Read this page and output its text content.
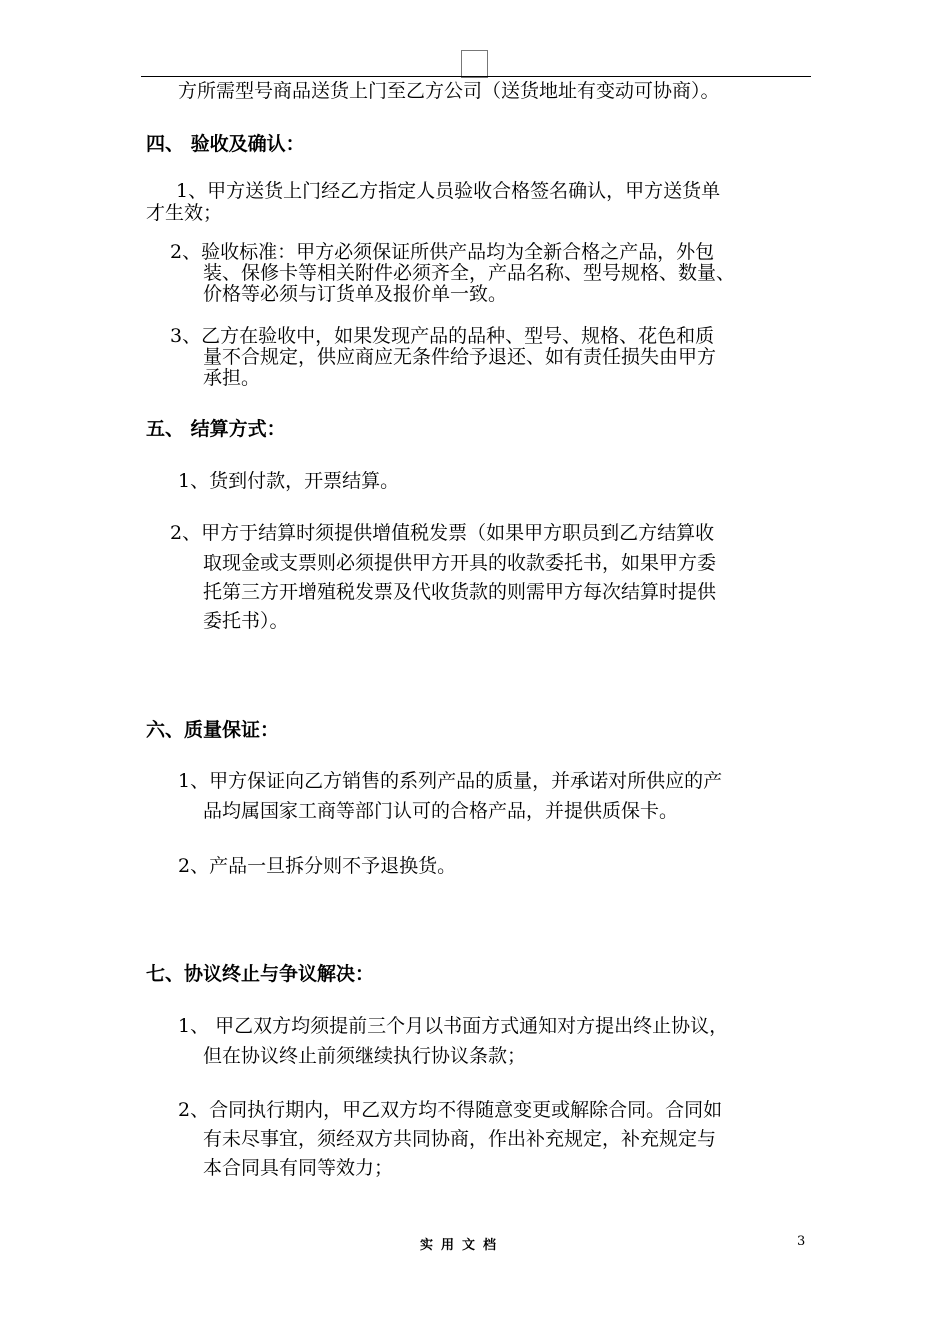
方所需型号商品送货上门至乙方公司（送货地址有变动可协商）。
四、 验收及确认：
1、甲方送货上门经乙方指定人员验收合格签名确认，甲方送货单
才生效；
2、验收标准：甲方必须保证所供产品均为全新合格之产品，外包
装、保修卡等相关附件必须齐全，产品名称、型号规格、数量、
价格等必须与订货单及报价单一致。
3、乙方在验收中，如果发现产品的品种、型号、规格、花色和质
量不合规定，供应商应无条件给予退还、如有责任损失由甲方
承担。
五、 结算方式：
1、货到付款，开票结算。
2、甲方于结算时须提供增值税发票（如果甲方职员到乙方结算收
取现金或支票则必须提供甲方开具的收款委托书，如果甲方委
托第三方开增殖税发票及代收货款的则需甲方每次结算时提供
委托书）。
六、质量保证：
1、甲方保证向乙方销售的系列产品的质量，并承诺对所供应的产
品均属国家工商等部门认可的合格产品，并提供质保卡。
2、产品一旦拆分则不予退换货。
七、协议终止与争议解决：
1、 甲乙双方均须提前三个月以书面方式通知对方提出终止协议，
但在协议终止前须继续执行协议条款；
2、合同执行期内，甲乙双方均不得随意变更或解除合同。合同如
有未尽事宜，须经双方共同协商，作出补充规定，补充规定与
本合同具有同等效力；
实用文档	3
